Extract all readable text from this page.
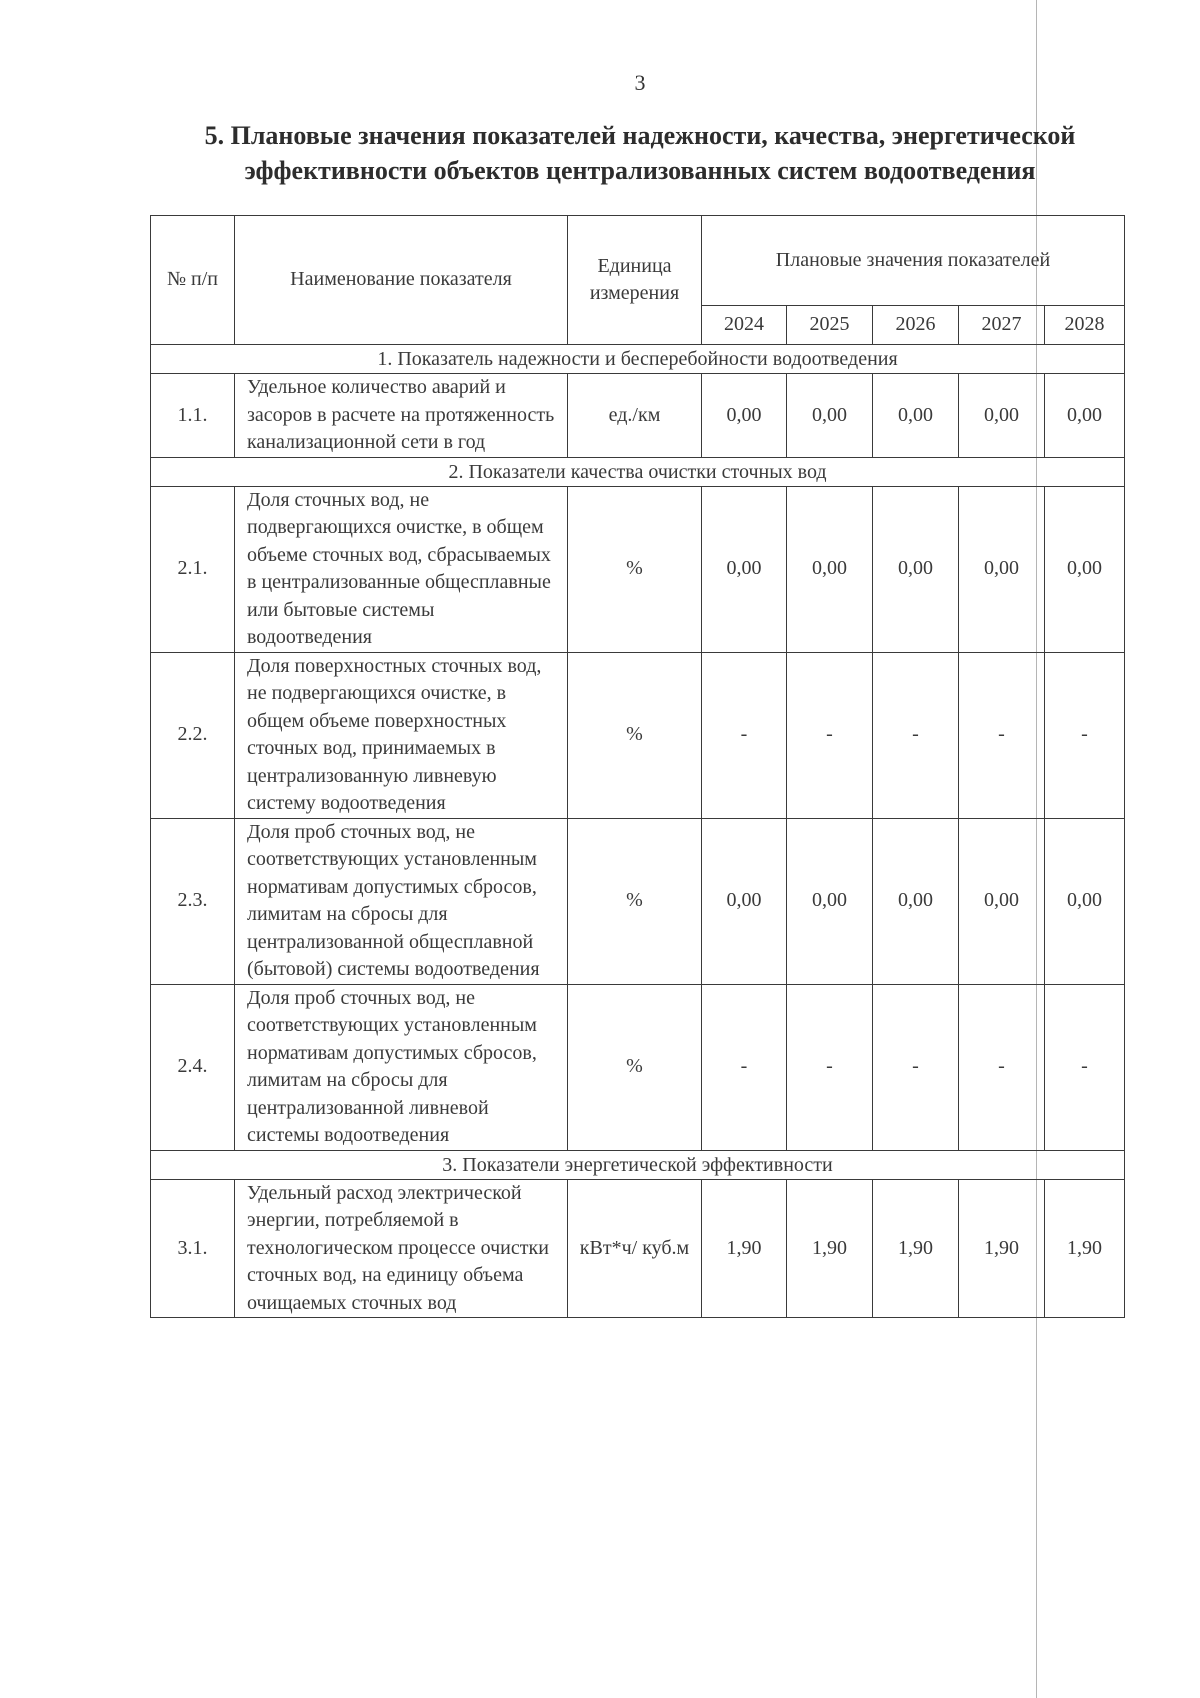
3
5. Плановые значения показателей надежности, качества, энергетической
эффективности объектов централизованных систем водоотведения
№ п/п	Наименование показателя	Единица измерения	Плановые значения показателей				
			2024	2025	2026	2027	2028
1. Показатель надежности и бесперебойности водоотведения							
1.1.	Удельное количество аварий и засоров в расчете на протяженность канализационной сети в год	ед./км	0,00	0,00	0,00	0,00	0,00
2. Показатели качества очистки сточных вод							
2.1.	Доля сточных вод, не подвергающихся очистке, в общем объеме сточных вод, сбрасываемых в централизованные общесплавные или бытовые системы водоотведения	%	0,00	0,00	0,00	0,00	0,00
2.2.	Доля поверхностных сточных вод, не подвергающихся очистке, в общем объеме поверхностных сточных вод, принимаемых в централизованную ливневую систему водоотведения	%	-	-	-	-	-
2.3.	Доля проб сточных вод, не соответствующих установленным нормативам допустимых сбросов, лимитам на сбросы для централизованной общесплавной (бытовой) системы водоотведения	%	0,00	0,00	0,00	0,00	0,00
2.4.	Доля проб сточных вод, не соответствующих установленным нормативам допустимых сбросов, лимитам на сбросы для централизованной ливневой системы водоотведения	%	-	-	-	-	-
3. Показатели энергетической эффективности							
3.1.	Удельный расход электрической энергии, потребляемой в технологическом процессе очистки сточных вод, на единицу объема очищаемых сточных вод	кВт*ч/ куб.м	1,90	1,90	1,90	1,90	1,90
